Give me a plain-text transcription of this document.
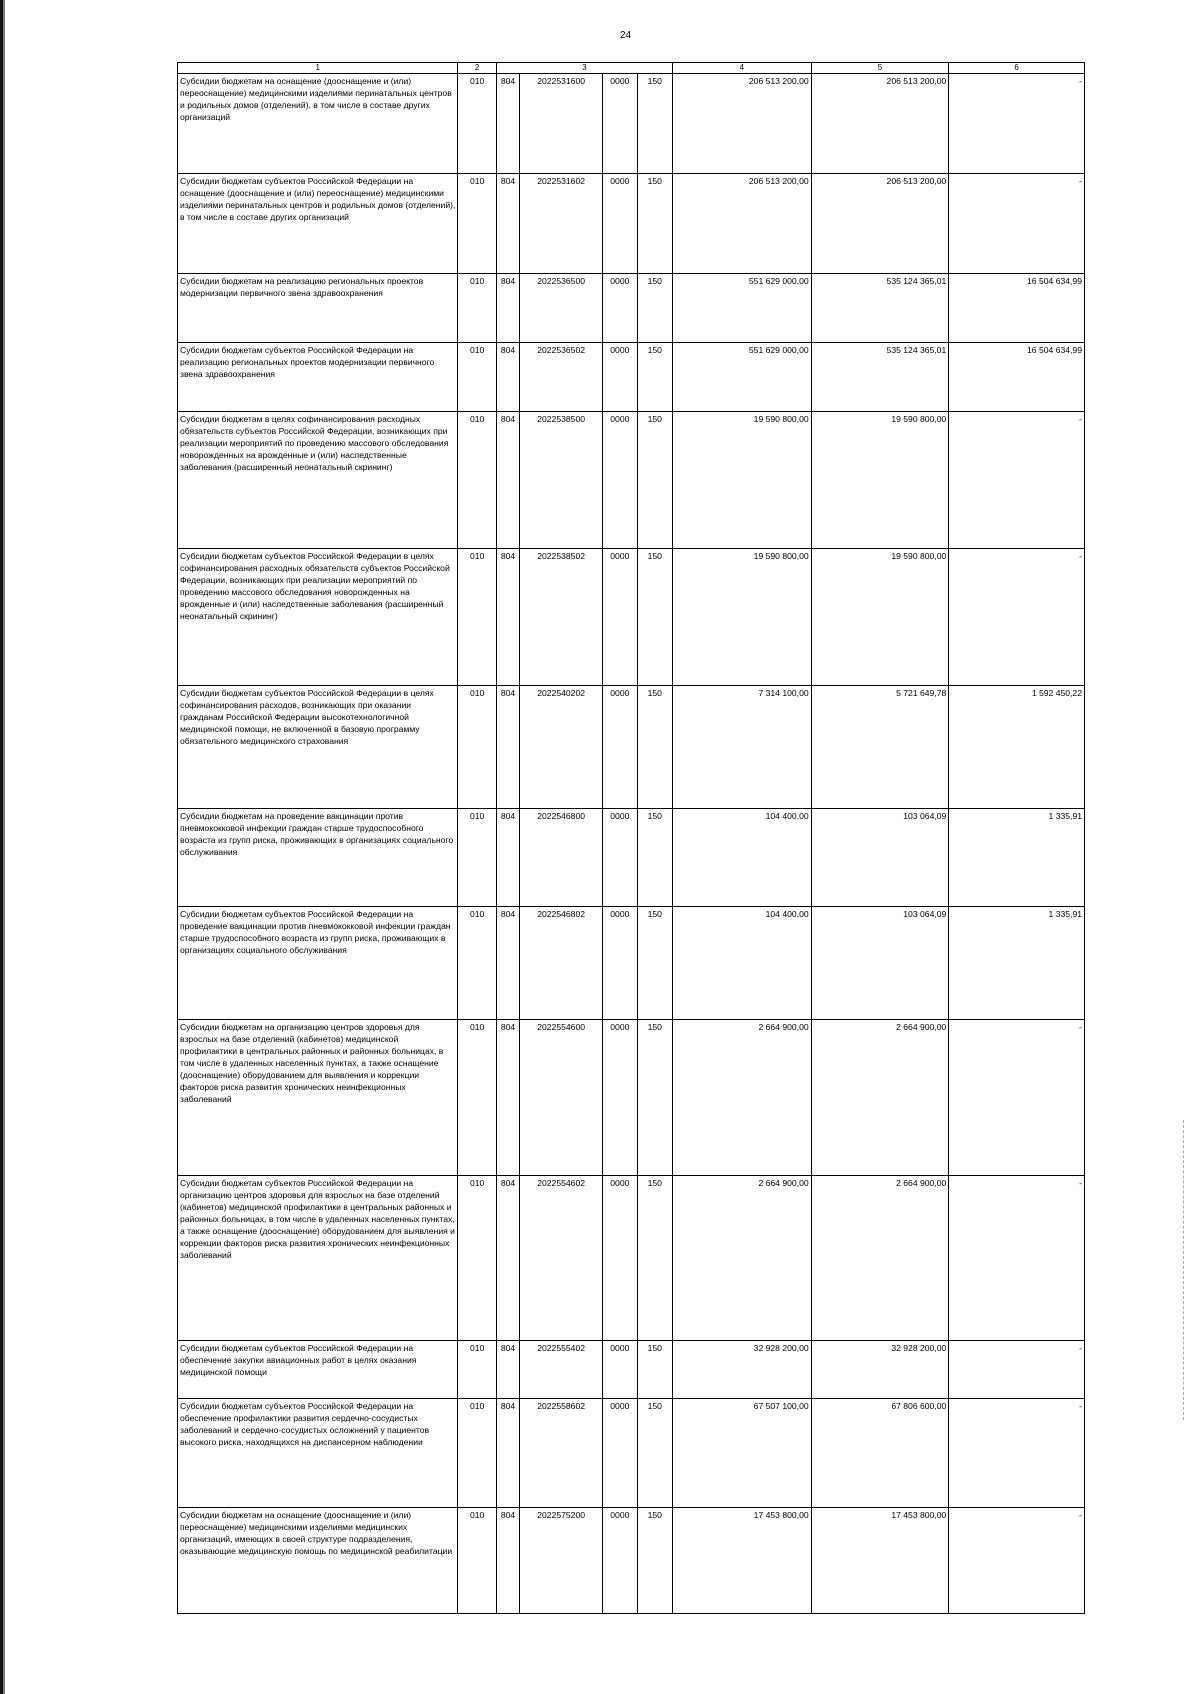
24
1	2	3				4	5	6
Субсидии бюджетам на оснащение (дооснащение и (или) переоснащение) медицинскими изделиями перинатальных центров и родильных домов (отделений), в том числе в составе других организаций	010	804	2022531600	0000	150	206 513 200,00	206 513 200,00	-
Субсидии бюджетам субъектов Российской Федерации на оснащение (дооснащение и (или) переоснащение) медицинскими изделиями перинатальных центров и родильных домов (отделений), в том числе в составе других организаций	010	804	2022531602	0000	150	206 513 200,00	206 513 200,00	-
Субсидии бюджетам на реализацию региональных проектов модернизации первичного звена здравоохранения	010	804	2022536500	0000	150	551 629 000,00	535 124 365,01	16 504 634,99
Субсидии бюджетам субъектов Российской Федерации на реализацию региональных проектов модернизации первичного звена здравоохранения	010	804	2022536502	0000	150	551 629 000,00	535 124 365,01	16 504 634,99
Субсидии бюджетам в целях софинансирования расходных обязательств субъектов Российской Федерации, возникающих при реализации мероприятий по проведению массового обследования новорожденных на врожденные и (или) наследственные заболевания (расширенный неонатальный скрининг)	010	804	2022538500	0000	150	19 590 800,00	19 590 800,00	-
Субсидии бюджетам субъектов Российской Федерации в целях софинансирования расходных обязательств субъектов Российской Федерации, возникающих при реализации мероприятий по проведению массового обследования новорожденных на врожденные и (или) наследственные заболевания (расширенный неонатальный скрининг)	010	804	2022538502	0000	150	19 590 800,00	19 590 800,00	-
Субсидии бюджетам субъектов Российской Федерации в целях софинансирования расходов, возникающих при оказании гражданам Российской Федерации высокотехнологичной медицинской помощи, не включенной в базовую программу обязательного медицинского страхования	010	804	2022540202	0000	150	7 314 100,00	5 721 649,78	1 592 450,22
Субсидии бюджетам на проведение вакцинации против пневмококковой инфекции граждан старше трудоспособного возраста из групп риска, проживающих в организациях социального обслуживания	010	804	2022546800	0000	150	104 400,00	103 064,09	1 335,91
Субсидии бюджетам субъектов Российской Федерации на проведение вакцинации против пневмококковой инфекции граждан старше трудоспособного возраста из групп риска, проживающих в организациях социального обслуживания	010	804	2022546802	0000	150	104 400,00	103 064,09	1 335,91
Субсидии бюджетам на организацию центров здоровья для взрослых на базе отделений (кабинетов) медицинской профилактики в центральных районных и районных больницах, в том числе в удаленных населенных пунктах, а также оснащение (дооснащение) оборудованием для выявления и коррекции факторов риска развития хронических неинфекционных заболеваний	010	804	2022554600	0000	150	2 664 900,00	2 664 900,00	-
Субсидии бюджетам субъектов Российской Федерации на организацию центров здоровья для взрослых на базе отделений (кабинетов) медицинской профилактики в центральных районных и районных больницах, в том числе в удаленных населенных пунктах, а также оснащение (дооснащение) оборудованием для выявления и коррекции факторов риска развития хронических неинфекционных заболеваний	010	804	2022554602	0000	150	2 664 900,00	2 664 900,00	-
Субсидии бюджетам субъектов Российской Федерации на обеспечение закупки авиационных работ в целях оказания медицинской помощи	010	804	2022555402	0000	150	32 928 200,00	32 928 200,00	-
Субсидии бюджетам субъектов Российской Федерации на обеспечение профилактики развития сердечно-сосудистых заболеваний и сердечно-сосудистых осложнений у пациентов высокого риска, находящихся на диспансерном наблюдении	010	804	2022558602	0000	150	67 507 100,00	67 806 600,00	-
Субсидии бюджетам на оснащение (дооснащение и (или) переоснащение) медицинскими изделиями медицинских организаций, имеющих в своей структуре подразделения, оказывающие медицинскую помощь по медицинской реабилитации	010	804	2022575200	0000	150	17 453 800,00	17 453 800,00	-
